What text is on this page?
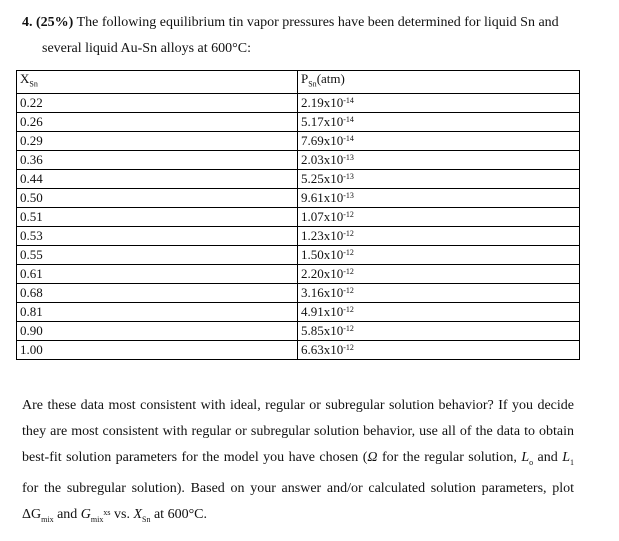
4. (25%) The following equilibrium tin vapor pressures have been determined for liquid Sn and
several liquid Au-Sn alloys at 600°C:
$X_{Sn}$	$P_{Sn}(atm)$
0.22	$2.19x10^{-14}$
0.26	$5.17x10^{-14}$
0.29	$7.69x10^{-14}$
0.36	$2.03x10^{-13}$
0.44	$5.25x10^{-13}$
0.50	$9.61x10^{-13}$
0.51	$1.07x10^{-12}$
0.53	$1.23x10^{-12}$
0.55	$1.50x10^{-12}$
0.61	$2.20x10^{-12}$
0.68	$3.16x10^{-12}$
0.81	$4.91x10^{-12}$
0.90	$5.85x10^{-12}$
1.00	$6.63x10^{-12}$
Are these data most consistent with ideal, regular or subregular solution behavior? If you decide they are most consistent with regular or subregular solution behavior, use all of the data to obtain best-fit solution parameters for the model you have chosen (Ω for the regular solution, $L_o$ and $L_1$ for the subregular solution). Based on your answer and/or calculated solution parameters, plot $\Delta G_{mix}$ and $G_{mix}^{xs}$ vs. $X_{Sn}$ at 600°C.
